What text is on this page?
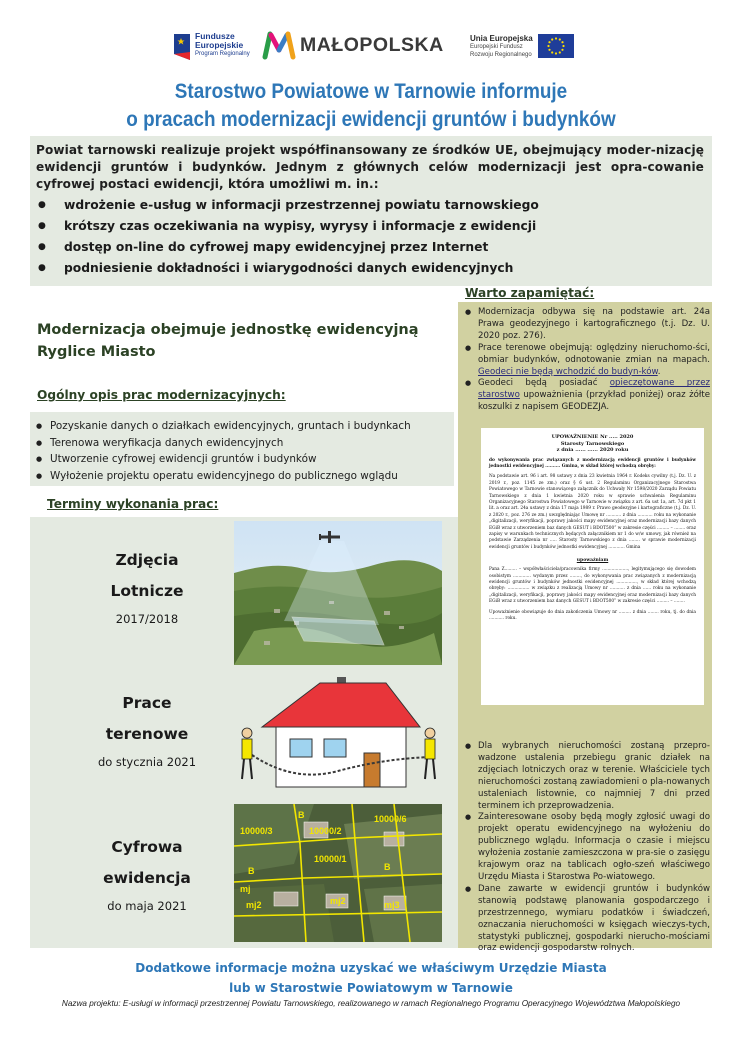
Fundusze
Europejskie
Program Regionalny	MAŁOPOLSKA	Unia Europejska
Europejski Fundusz
Rozwoju Regionalnego
Starostwo Powiatowe w Tarnowie informuje
o pracach modernizacji ewidencji gruntów i budynków

Powiat tarnowski realizuje projekt współfinansowany ze środków UE, obejmujący moder-nizację ewidencji gruntów i budynków. Jednym z głównych celów modernizacji jest opra-cowanie cyfrowej postaci ewidencji, która umożliwi m. in.:

● wdrożenie e-usług w informacji przestrzennej powiatu tarnowskiego
● krótszy czas oczekiwania na wypisy, wyrysy i informacje z ewidencji
● dostęp on-line do cyfrowej mapy ewidencyjnej przez Internet
● podniesienie dokładności i wiarygodności danych ewidencyjnych
Modernizacja obejmuje jednostkę ewidencyjną
Ryglice Miasto
Ogólny opis prac modernizacyjnych:
● Pozyskanie danych o działkach ewidencyjnych, gruntach i budynkach
● Terenowa weryfikacja danych ewidencyjnych
● Utworzenie cyfrowej ewidencji gruntów i budynków
● Wyłożenie projektu operatu ewidencyjnego do publicznego wglądu
Terminy wykonania prac:
Zdjęcia
Lotnicze
2017/2018
Prace
terenowe
do stycznia 2021
Cyfrowa
ewidencja
do maja 2021
10000/3	10000/2
B	10000/6
10000/1
mj2	mj3
mj2
B	B
mj
Warto zapamiętać:
● Modernizacja odbywa się na podstawie art. 24a Prawa geodezyjnego i kartograficznego (t.j. Dz. U. 2020 poz. 276).
● Prace terenowe obejmują: oględziny nieruchomo-ści, obmiar budynków, odnotowanie zmian na mapach. Geodeci nie będą wchodzić do budyn-ków.
● Geodeci będą posiadać opieczętowane przez starostwo upoważnienia (przykład poniżej) oraz żółte koszulki z napisem GEODEZJA.
UPOWAŻNIENIE Nr ..... 2020
Starosty Tarnowskiego
z dnia ...... ...... 2020 roku

do wykonywania prac związanych z modernizacją ewidencji gruntów i budynków jednostki ewidencyjnej .......... Gmina, w skład której wchodzą obręby:

Na podstawie art. 96 i art. 98 ustawy z dnia 23 kwietnia 1964 r. Kodeks cywilny (t.j. Dz. U. z 2019 r., poz. 1145 ze zm.) oraz § 6 ust. 2 Regulaminu Organizacyjnego Starostwa Powiatowego w Tarnowie stanowiącego załącznik do Uchwały Nr 1598/2020 Zarządu Powiatu Tarnowskiego z dnia 1 kwietnia 2020 roku w sprawie uchwalenia Regulaminu Organizacyjnego Starostwa Powiatowego w Tarnowie w związku z art. 6a ust 1a, art. 7d pkt 1 lit. a oraz art. 24a ustawy z dnia 17 maja 1989 r. Prawo geodezyjne i kartograficzne (t.j. Dz. U. z 2020 r., poz. 276 ze zm.) uwzględniając Umowę nr ........... z dnia ........... roku na wykonanie „digitalizacji, weryfikacji, poprawy jakości mapy ewidencyjnej oraz modernizacji bazy danych EGiB wraz z utworzeniem baz danych GESUT i BDOT500” w zakresie części ......... – ........ oraz zapisy w warunkach technicznych będących załącznikiem nr 1 do w/w umowy, jak również na podstawie Zarządzenia nr ..... Starosty Tarnowskiego z dnia ........ w sprawie modernizacji ewidencji gruntów i budynków jednostki ewidencyjnej ............ Gmina

upoważniam

Pana Z......... – współwłaściciela/pracownika firmy ..................., legitymującego się dowodem osobistym ............. wydanym przez ........, do wykonywania prac związanych z modernizacją ewidencji gruntów i budynków jednostki ewidencyjnej ..............., w skład której wchodzą obręby: ................ w związku z realizacją Umowy nr ........... z dnia ...... roku na wykonanie „digitalizacji, weryfikacji, poprawy jakości mapy ewidencyjnej oraz modernizacji bazy danych EGiB wraz z utworzeniem baz danych GESUT i BDOT500” w zakresie części ......... – ........

Upoważnienie obowiązuje do dnia zakończenia Umowy nr ......... z dnia ........ roku, tj. do dnia ........... roku.

● Dla wybranych nieruchomości zostaną przepro-wadzone ustalenia przebiegu granic działek na zdjęciach lotniczych oraz w terenie. Właściciele tych nieruchomości zostaną zawiadomieni o pla-nowanych ustaleniach listownie, co najmniej 7 dni przed terminem ich przeprowadzenia.
● Zainteresowane osoby będą mogły zgłosić uwagi do projekt operatu ewidencyjnego na wyłożeniu do publicznego wglądu. Informacja o czasie i miejscu wyłożenia zostanie zamieszczona w pra-sie o zasięgu krajowym oraz na tablicach ogło-szeń właściwego Urzędu Miasta i Starostwa Po-wiatowego.
● Dane zawarte w ewidencji gruntów i budynków stanowią podstawę planowania gospodarczego i przestrzennego, wymiaru podatków i świadczeń, oznaczania nieruchomości w księgach wieczys-tych, statystyki publicznej, gospodarki nierucho-mościami oraz ewidencji gospodarstw rolnych.
Dodatkowe informacje można uzyskać we właściwym Urzędzie Miasta
lub w Starostwie Powiatowym w Tarnowie
Nazwa projektu: E-usługi w informacji przestrzennej Powiatu Tarnowskiego, realizowanego w ramach Regionalnego Programu Operacyjnego Województwa Małopolskiego
